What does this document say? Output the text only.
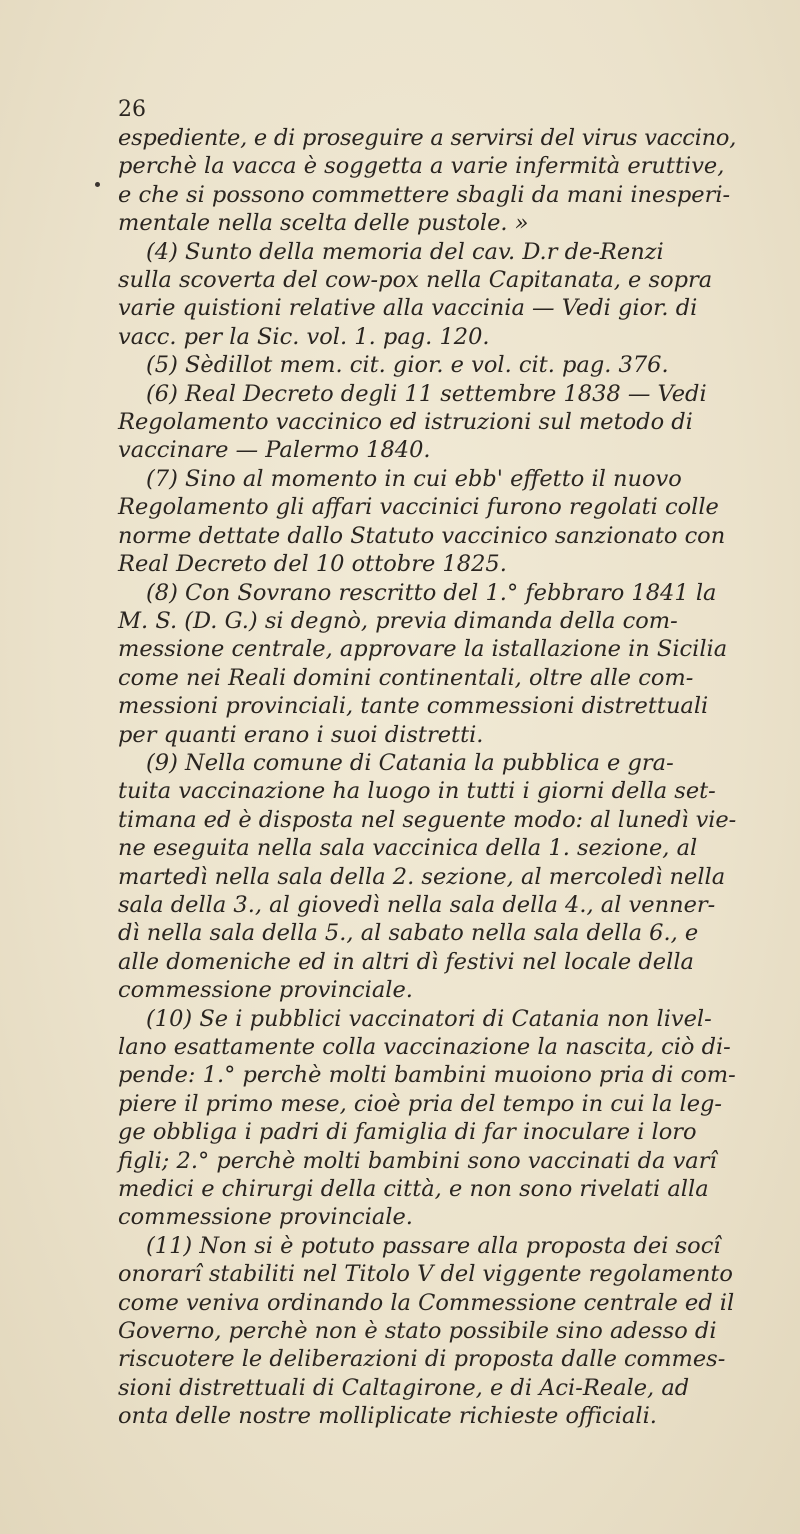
26
espediente, e di proseguire a servirsi del virus vaccino,
perchè la vacca è soggetta a varie infermità eruttive,
e che si possono commettere sbagli da mani inesperi-
mentale nella scelta delle pustole. »
(4) Sunto della memoria del cav. D.r de-Renzi
sulla scoverta del cow-pox nella Capitanata, e sopra
varie quistioni relative alla vaccinia — Vedi gior. di
vacc. per la Sic. vol. 1. pag. 120.
(5) Sèdillot mem. cit. gior. e vol. cit. pag. 376.
(6) Real Decreto degli 11 settembre 1838 — Vedi
Regolamento vaccinico ed istruzioni sul metodo di
vaccinare — Palermo 1840.
(7) Sino al momento in cui ebb' effetto il nuovo
Regolamento gli affari vaccinici furono regolati colle
norme dettate dallo Statuto vaccinico sanzionato con
Real Decreto del 10 ottobre 1825.
(8) Con Sovrano rescritto del 1.° febbraro 1841 la
M. S. (D. G.) si degnò, previa dimanda della com-
messione centrale, approvare la istallazione in Sicilia
come nei Reali domini continentali, oltre alle com-
messioni provinciali, tante commessioni distrettuali
per quanti erano i suoi distretti.
(9) Nella comune di Catania la pubblica e gra-
tuita vaccinazione ha luogo in tutti i giorni della set-
timana ed è disposta nel seguente modo: al lunedì vie-
ne eseguita nella sala vaccinica della 1. sezione, al
martedì nella sala della 2. sezione, al mercoledì nella
sala della 3., al giovedì nella sala della 4., al venner-
dì nella sala della 5., al sabato nella sala della 6., e
alle domeniche ed in altri dì festivi nel locale della
commessione provinciale.
(10) Se i pubblici vaccinatori di Catania non livel-
lano esattamente colla vaccinazione la nascita, ciò di-
pende: 1.° perchè molti bambini muoiono pria di com-
piere il primo mese, cioè pria del tempo in cui la leg-
ge obbliga i padri di famiglia di far inoculare i loro
figli; 2.° perchè molti bambini sono vaccinati da varî
medici e chirurgi della città, e non sono rivelati alla
commessione provinciale.
(11) Non si è potuto passare alla proposta dei socî
onorarî stabiliti nel Titolo V del viggente regolamento
come veniva ordinando la Commessione centrale ed il
Governo, perchè non è stato possibile sino adesso di
riscuotere le deliberazioni di proposta dalle commes-
sioni distrettuali di Caltagirone, e di Aci-Reale, ad
onta delle nostre molliplicate richieste officiali.
